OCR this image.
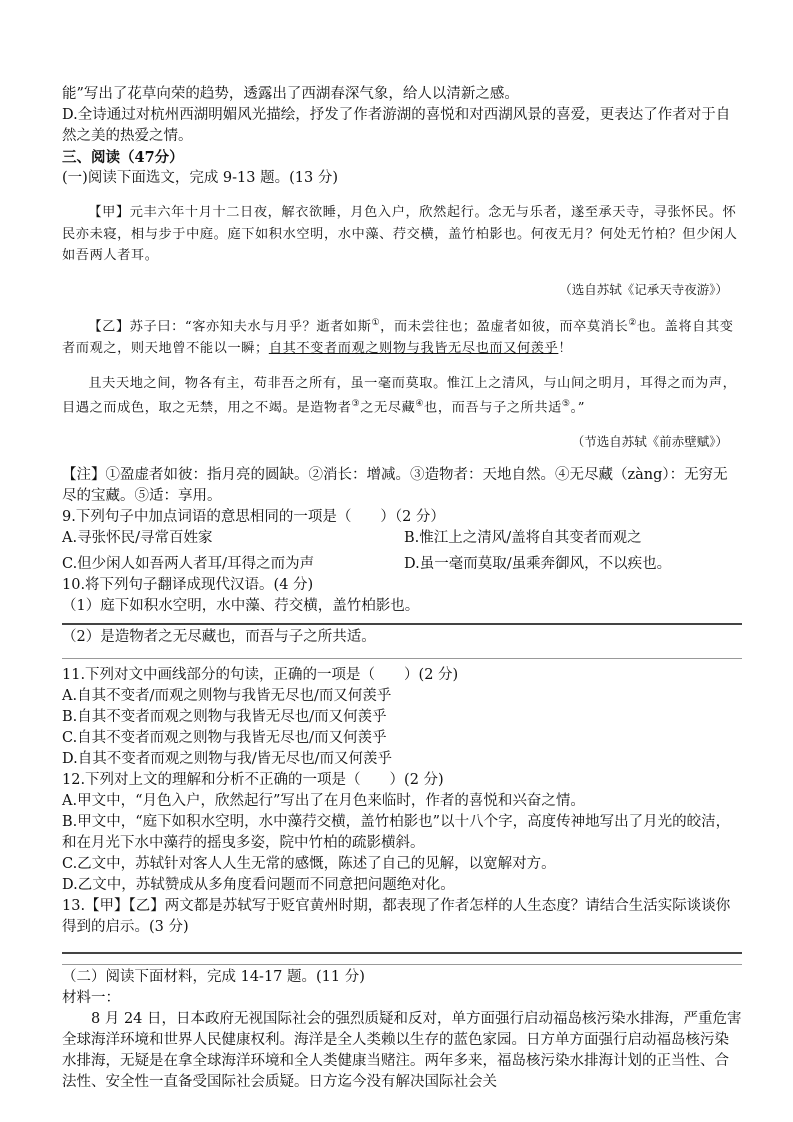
能”写出了花草向荣的趋势，透露出了西湖春深气象，给人以清新之感。

D.全诗通过对杭州西湖明媚风光描绘，抒发了作者游湖的喜悦和对西湖风景的喜爱，更表达了作者对于自然之美的热爱之情。

三、阅读（47分）

(一)阅读下面选文，完成 9-13 题。(13 分)

【甲】元丰六年十月十二日夜，解衣欲睡，月色入户，欣然起行。念无与乐者，遂至承天寺，寻张怀民。怀民亦未寝，相与步于中庭。庭下如积水空明，水中藻、荇交横，盖竹柏影也。何夜无月？何处无竹柏？但少闲人如吾两人者耳。

（选自苏轼《记承天寺夜游》）

【乙】苏子曰：“客亦知夫水与月乎？逝者如斯①，而未尝往也；盈虚者如彼，而卒莫消长②也。盖将自其变者而观之，则天地曾不能以一瞬；自其不变者而观之则物与我皆无尽也而又何羡乎！

且夫天地之间，物各有主，苟非吾之所有，虽一毫而莫取。惟江上之清风，与山间之明月，耳得之而为声，目遇之而成色，取之无禁，用之不竭。是造物者③之无尽藏④也，而吾与子之所共适⑤。”

（节选自苏轼《前赤壁赋》）

【注】①盈虚者如彼：指月亮的圆缺。②消长：增减。③造物者：天地自然。④无尽藏（zàng）：无穷无尽的宝藏。⑤适：享用。

9.下列句子中加点词语的意思相同的一项是（　　）（2 分）

A.寻张怀民/寻常百姓家	B.惟江上之清风/盖将自其变者而观之
C.但少闲人如吾两人者耳/耳得之而为声	D.虽一毫而莫取/虽乘奔御风，不以疾也。

10.将下列句子翻译成现代汉语。(4 分)

（1）庭下如积水空明，水中藻、荇交横，盖竹柏影也。

（2）是造物者之无尽藏也，而吾与子之所共适。

11.下列对文中画线部分的句读，正确的一项是（　　）(2 分)

A.自其不变者/而观之则物与我皆无尽也/而又何羡乎

B.自其不变者而观之则物与我皆无尽也/而又何羡乎

C.自其不变者而观之则物与我皆无尽也/而又何羡乎

D.自其不变者而观之则物与我/皆无尽也/而又何羡乎

12.下列对上文的理解和分析不正确的一项是（　　）(2 分)

A.甲文中，“月色入户，欣然起行”写出了在月色来临时，作者的喜悦和兴奋之情。

B.甲文中，“庭下如积水空明，水中藻荇交横，盖竹柏影也”以十八个字，高度传神地写出了月光的皎洁，和在月光下水中藻荇的摇曳多姿，院中竹柏的疏影横斜。

C.乙文中，苏轼针对客人人生无常的感慨，陈述了自己的见解，以宽解对方。

D.乙文中，苏轼赞成从多角度看问题而不同意把问题绝对化。

13.【甲】【乙】两文都是苏轼写于贬官黄州时期，都表现了作者怎样的人生态度？请结合生活实际谈谈你得到的启示。(3 分)

（二）阅读下面材料，完成 14-17 题。(11 分)

材料一：

8 月 24 日，日本政府无视国际社会的强烈质疑和反对，单方面强行启动福岛核污染水排海，严重危害全球海洋环境和世界人民健康权利。海洋是全人类赖以生存的蓝色家园。日方单方面强行启动福岛核污染水排海，无疑是在拿全球海洋环境和全人类健康当赌注。两年多来，福岛核污染水排海计划的正当性、合法性、安全性一直备受国际社会质疑。日方迄今没有解决国际社会关
